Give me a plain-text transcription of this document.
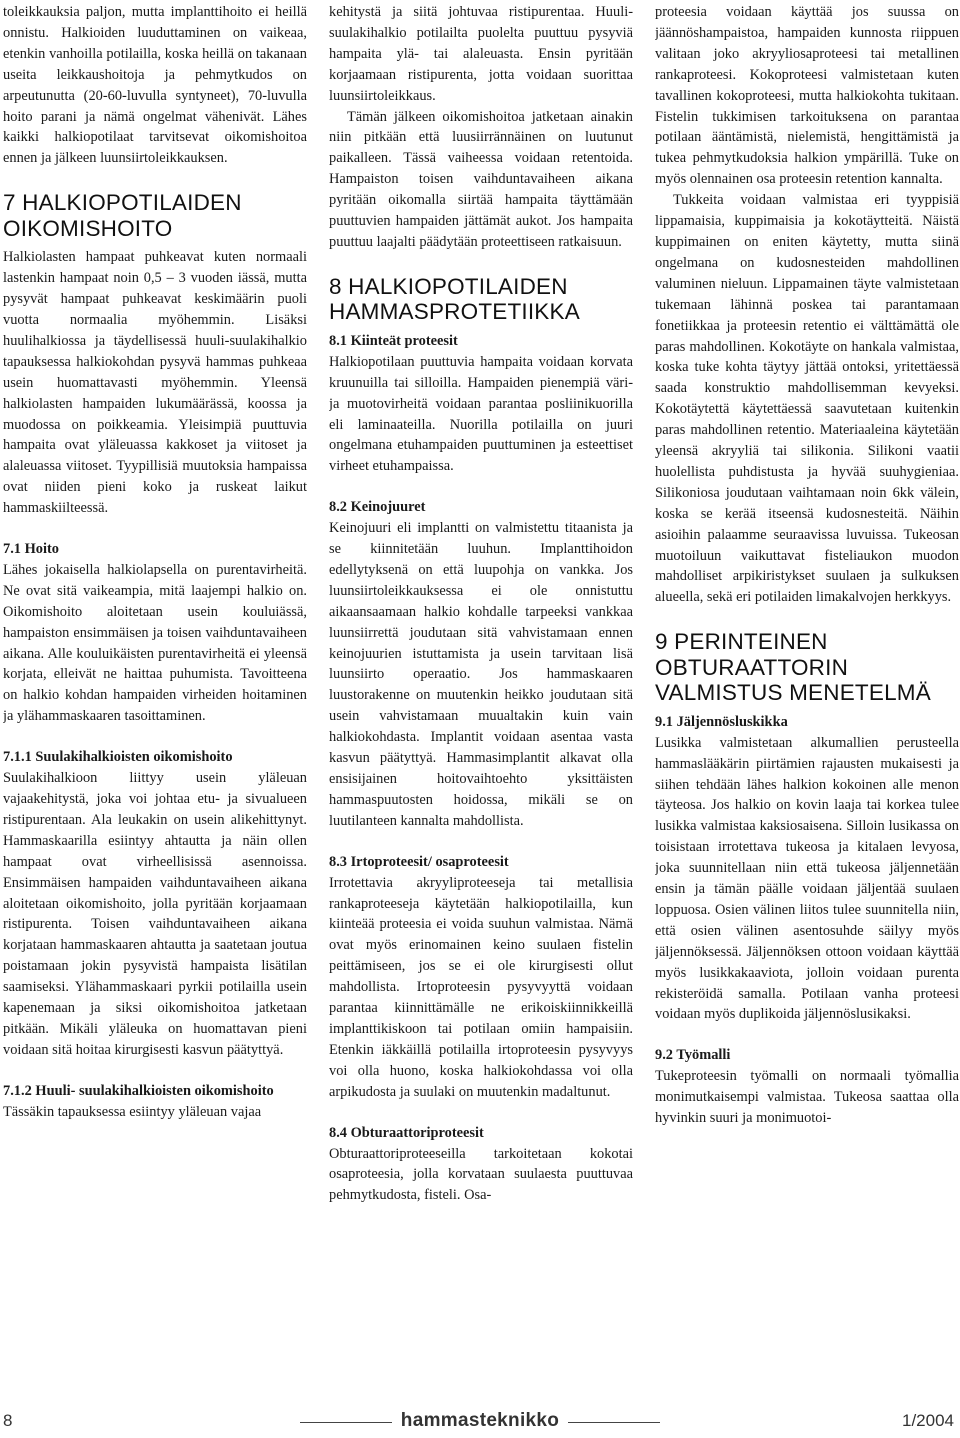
toleikkauksia paljon, mutta implanttihoito ei heillä onnistu. Halkioiden luuduttaminen on vaikeaa, etenkin vanhoilla potilailla, koska heillä on takanaan useita leikkaushoitoja ja pehmytkudos on arpeutunutta (20-60-luvulla syntyneet), 70-luvulla hoito parani ja nämä ongelmat vähenivät. Lähes kaikki halkiopotilaat tarvitsevat oikomishoitoa ennen ja jälkeen luunsiirtoleikkauksen.

7 HALKIOPOTILAIDEN OIKOMISHOITO

Halkiolasten hampaat puhkeavat kuten normaali lastenkin hampaat noin 0,5 – 3 vuoden iässä, mutta pysyvät hampaat puhkeavat keskimäärin puoli vuotta normaalia myöhemmin. Lisäksi huulihalkiossa ja täydellisessä huuli-suulakihalkio tapauksessa halkiokohdan pysyvä hammas puhkeaa usein huomattavasti myöhemmin. Yleensä halkiolasten hampaiden lukumäärässä, koossa ja muodossa on poikkeamia. Yleisimpiä puuttuvia hampaita ovat yläleuassa kakkoset ja viitoset ja alaleuassa viitoset. Tyypillisiä muutoksia hampaissa ovat niiden pieni koko ja ruskeat laikut hammaskiilteessä.

7.1 Hoito

Lähes jokaisella halkiolapsella on purentavirheitä. Ne ovat sitä vaikeampia, mitä laajempi halkio on. Oikomishoito aloitetaan usein kouluiässä, hampaiston ensimmäisen ja toisen vaihduntavaiheen aikana. Alle kouluikäisten purentavirheitä ei yleensä korjata, elleivät ne haittaa puhumista. Tavoitteena on halkio kohdan hampaiden virheiden hoitaminen ja ylähammaskaaren tasoittaminen.

7.1.1 Suulakihalkioisten oikomishoito

Suulakihalkioon liittyy usein yläleuan vajaakehitystä, joka voi johtaa etu- ja sivualueen ristipurentaan. Ala leukakin on usein alikehittynyt. Hammaskaarilla esiintyy ahtautta ja näin ollen hampaat ovat virheellisissä asennoissa. Ensimmäisen hampaiden vaihduntavaiheen aikana aloitetaan oikomishoito, jolla pyritään korjaamaan ristipurenta. Toisen vaihduntavaiheen aikana korjataan hammaskaaren ahtautta ja saatetaan joutua poistamaan jokin pysyvistä hampaista lisätilan saamiseksi. Ylähammaskaari pyrkii potilailla usein kapenemaan ja siksi oikomishoitoa jatketaan pitkään. Mikäli yläleuka on huomattavan pieni voidaan sitä hoitaa kirurgisesti kasvun päätyttyä.

7.1.2 Huuli- suulakihalkioisten oikomishoito

Tässäkin tapauksessa esiintyy yläleuan vajaa

kehitystä ja siitä johtuvaa ristipurentaa. Huuli- suulakihalkio potilailta puolelta puuttuu pysyviä hampaita ylä- tai alaleuasta. Ensin pyritään korjaamaan ristipurenta, jotta voidaan suorittaa luunsiirtoleikkaus.

Tämän jälkeen oikomishoitoa jatketaan ainakin niin pitkään että luusiirrännäinen on luutunut paikalleen. Tässä vaiheessa voidaan retentoida. Hampaiston toisen vaihduntavaiheen aikana pyritään oikomalla siirtää hampaita täyttämään puuttuvien hampaiden jättämät aukot. Jos hampaita puuttuu laajalti päädytään proteettiseen ratkaisuun.

8 HALKIOPOTILAIDEN HAMMASPROTETIIKKA
8.1 Kiinteät proteesit

Halkiopotilaan puuttuvia hampaita voidaan korvata kruunuilla tai silloilla. Hampaiden pienempiä väri- ja muotovirheitä voidaan parantaa posliinikuorilla eli laminaateilla. Nuorilla potilailla on juuri ongelmana etuhampaiden puuttuminen ja esteettiset virheet etuhampaissa.

8.2 Keinojuuret

Keinojuuri eli implantti on valmistettu titaanista ja se kiinnitetään luuhun. Implanttihoidon edellytyksenä on että luupohja on vankka. Jos luunsiirtoleikkauksessa ei ole onnistuttu aikaansaamaan halkio kohdalle tarpeeksi vankkaa luunsiirrettä joudutaan sitä vahvistamaan ennen keinojuurien istuttamista ja usein tarvitaan lisä luunsiirto operaatio. Jos hammaskaaren luustorakenne on muutenkin heikko joudutaan sitä usein vahvistamaan muualtakin kuin vain halkiokohdasta. Implantit voidaan asentaa vasta kasvun päätyttyä. Hammasimplantit alkavat olla ensisijainen hoitovaihtoehto yksittäisten hammaspuutosten hoidossa, mikäli se on luutilanteen kannalta mahdollista.

8.3 Irtoproteesit/ osaproteesit

Irrotettavia akryyliproteeseja tai metallisia rankaproteeseja käytetään halkiopotilailla, kun kiinteää proteesia ei voida suuhun valmistaa. Nämä ovat myös erinomainen keino suulaen fistelin peittämiseen, jos se ei ole kirurgisesti ollut mahdollista. Irtoproteesin pysyvyyttä voidaan parantaa kiinnittämälle ne erikoiskiinnikkeillä implanttikiskoon tai potilaan omiin hampaisiin. Etenkin iäkkäillä potilailla irtoproteesin pysyvyys voi olla huono, koska halkiokohdassa voi olla arpikudosta ja suulaki on muutenkin madaltunut.

8.4 Obturaattoriproteesit

Obturaattoriproteeseilla tarkoitetaan kokotai osaproteesia, jolla korvataan suulaesta puuttuvaa pehmytkudosta, fisteli. Osa-

proteesia voidaan käyttää jos suussa on jäännöshampaistoa, hampaiden kunnosta riippuen valitaan joko akryyliosaproteesi tai metallinen rankaproteesi. Kokoproteesi valmistetaan kuten tavallinen kokoproteesi, mutta halkiokohta tukitaan. Fistelin tukkimisen tarkoituksena on parantaa potilaan ääntämistä, nielemistä, hengittämistä ja tukea pehmytkudoksia halkion ympärillä. Tuke on myös olennainen osa proteesin retention kannalta.

Tukkeita voidaan valmistaa eri tyyppisiä lippamaisia, kuppimaisia ja kokotäytteitä. Näistä kuppimainen on eniten käytetty, mutta siinä ongelmana on kudosnesteiden mahdollinen valuminen nieluun. Lippamainen täyte valmistetaan tukemaan lähinnä poskea tai parantamaan fonetiikkaa ja proteesin retentio ei välttämättä ole paras mahdollinen. Kokotäyte on hankala valmistaa, koska tuke kohta täytyy jättää ontoksi, yritettäessä saada konstruktio mahdollisemman kevyeksi. Kokotäytettä käytettäessä saavutetaan kuitenkin paras mahdollinen retentio. Materiaaleina käytetään yleensä akryyliä tai silikonia. Silikoni vaatii huolellista puhdistusta ja hyvää suuhygieniaa. Silikoniosa joudutaan vaihtamaan noin 6kk välein, koska se kerää itseensä kudosnesteitä. Näihin asioihin palaamme seuraavissa luvuissa. Tukeosan muotoiluun vaikuttavat fisteliaukon muodon mahdolliset arpikiristykset suulaen ja sulkuksen alueella, sekä eri potilaiden limakalvojen herkkyys.

9 PERINTEINEN OBTURAATTORIN VALMISTUS MENETELMÄ
9.1 Jäljennösluskikka

Lusikka valmistetaan alkumallien perusteella hammaslääkärin piirtämien rajausten mukaisesti ja siihen tehdään lähes halkion kokoinen alle menon täyteosa. Jos halkio on kovin laaja tai korkea tulee lusikka valmistaa kaksiosaisena. Silloin lusikassa on toisistaan irrotettava tukeosa ja kitalaen levyosa, joka suunnitellaan niin että tukeosa jäljennetään ensin ja tämän päälle voidaan jäljentää suulaen loppuosa. Osien välinen liitos tulee suunnitella niin, että osien välinen asentosuhde säilyy myös jäljennöksessä. Jäljennöksen ottoon voidaan käyttää myös lusikkakaaviota, jolloin voidaan purenta rekisteröidä samalla. Potilaan vanha proteesi voidaan myös duplikoida jäljennöslusikaksi.

9.2 Työmalli

Tukeproteesin työmalli on normaali työmallia monimutkaisempi valmistaa. Tukeosa saattaa olla hyvinkin suuri ja monimuotoi-

8	hammasteknikko	1/2004
